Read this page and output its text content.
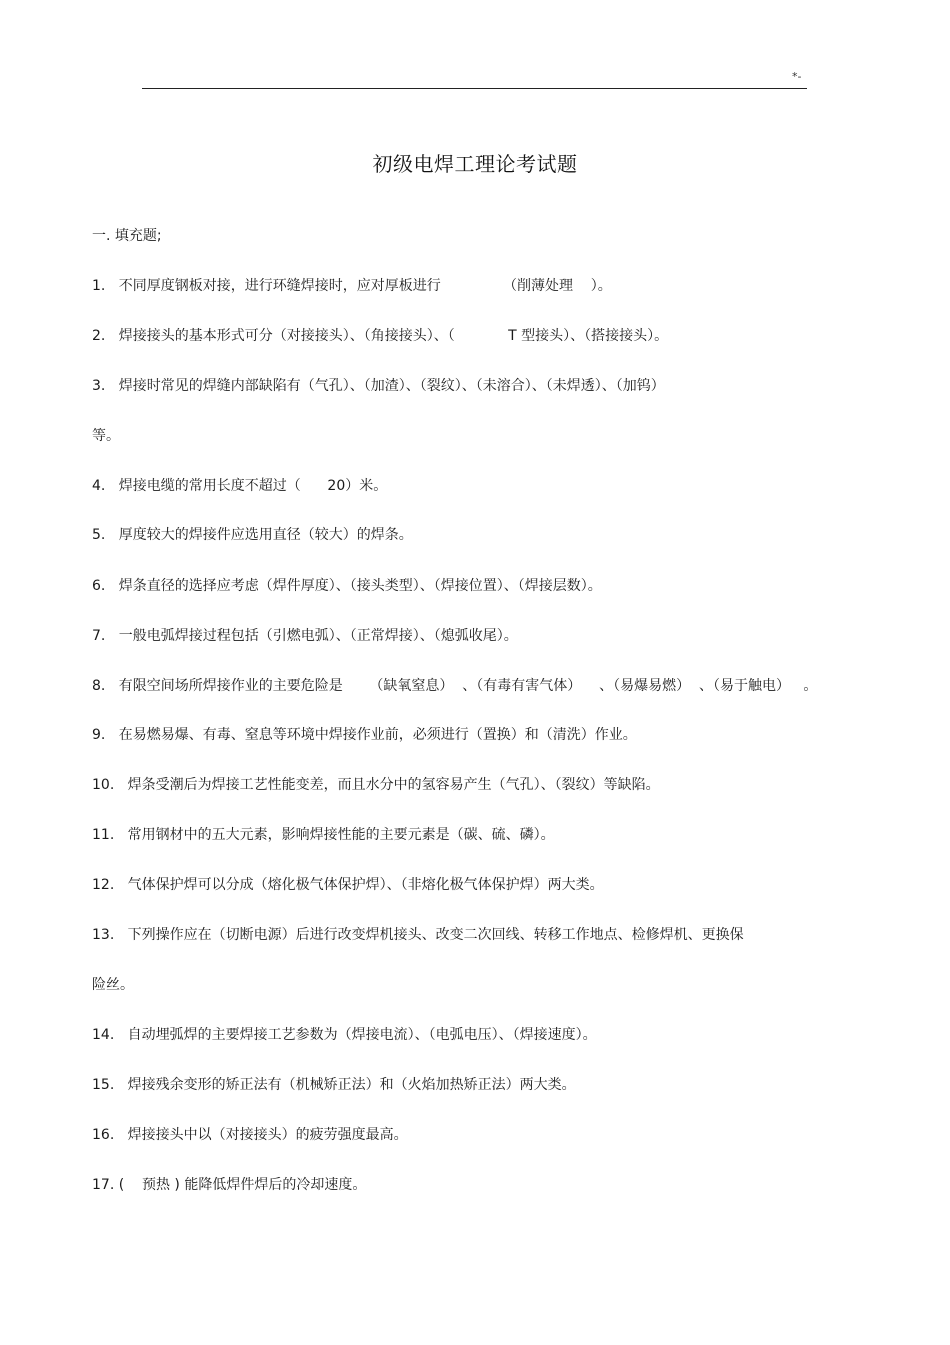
*-
初级电焊工理论考试题
一. 填充题;
1.   不同厚度钢板对接，进行环缝焊接时，应对厚板进行              （削薄处理    ）。
2.   焊接接头的基本形式可分（对接接头）、（角接接头）、（            T 型接头）、（搭接接头）。
3.   焊接时常见的焊缝内部缺陷有（气孔）、（加渣）、（裂纹）、（未溶合）、（未焊透）、（加钨）
等。
4.   焊接电缆的常用长度不超过（      20）米。
5.   厚度较大的焊接件应选用直径（较大）的焊条。
6.   焊条直径的选择应考虑（焊件厚度）、（接头类型）、（焊接位置）、（焊接层数）。
7.   一般电弧焊接过程包括（引燃电弧）、（正常焊接）、（熄弧收尾）。
8.   有限空间场所焊接作业的主要危险是      （缺氧窒息）  、（有毒有害气体）    、（易爆易燃）  、（易于触电）   。
9.   在易燃易爆、有毒、窒息等环境中焊接作业前，必须进行（置换）和（清洗）作业。
10.   焊条受潮后为焊接工艺性能变差，而且水分中的氢容易产生（气孔）、（裂纹）等缺陷。
11.   常用钢材中的五大元素，影响焊接性能的主要元素是（碳、硫、磷）。
12.   气体保护焊可以分成（熔化极气体保护焊）、（非熔化极气体保护焊）两大类。
13.   下列操作应在（切断电源）后进行改变焊机接头、改变二次回线、转移工作地点、检修焊机、更换保
险丝。
14.   自动埋弧焊的主要焊接工艺参数为（焊接电流）、（电弧电压）、（焊接速度）。
15.   焊接残余变形的矫正法有（机械矫正法）和（火焰加热矫正法）两大类。
16.   焊接接头中以（对接接头）的疲劳强度最高。
17. (    预热 ) 能降低焊件焊后的冷却速度。
